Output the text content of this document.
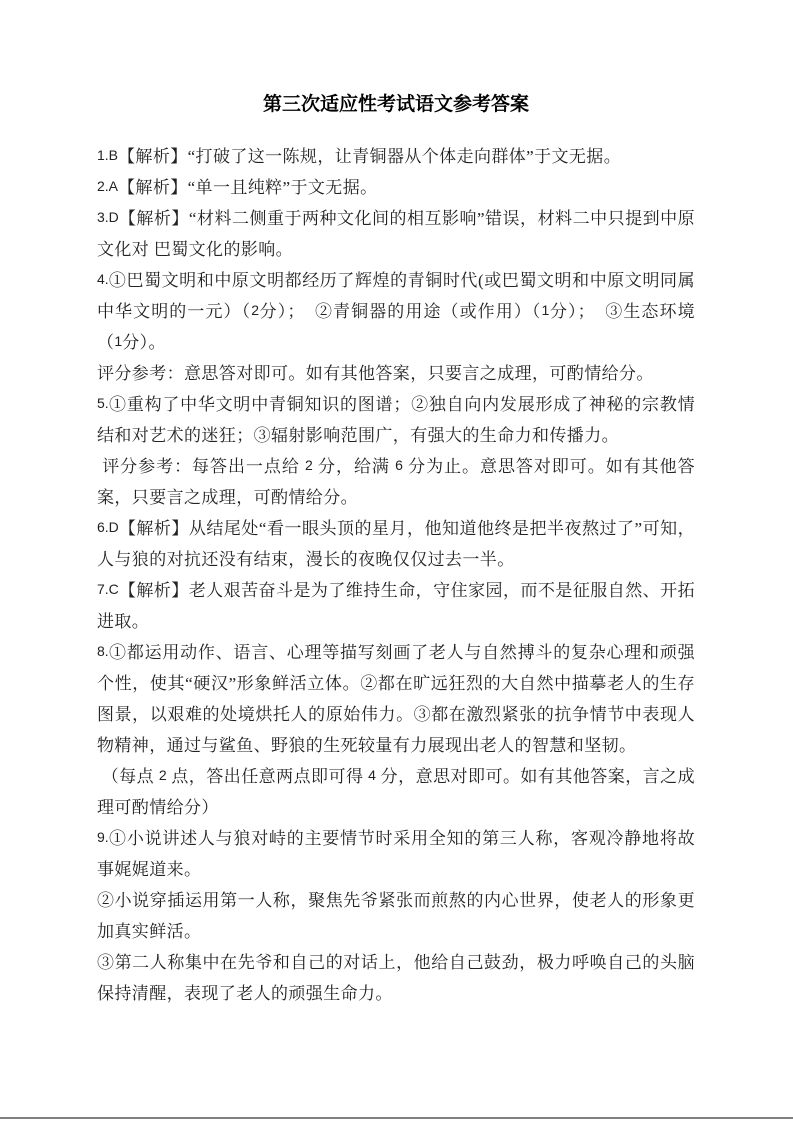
第三次适应性考试语文参考答案

1.B【解析】“打破了这一陈规，让青铜器从个体走向群体”于文无据。

2.A【解析】“单一且纯粹”于文无据。

3.D【解析】“材料二侧重于两种文化间的相互影响”错误，材料二中只提到中原文化对 巴蜀文化的影响。

4.①巴蜀文明和中原文明都经历了辉煌的青铜时代(或巴蜀文明和中原文明同属中华文明的一元）（2分）；　②青铜器的用途（或作用）（1分）；　③生态环境（1分）。

评分参考：意思答对即可。如有其他答案，只要言之成理，可酌情给分。

5.①重构了中华文明中青铜知识的图谱；②独自向内发展形成了神秘的宗教情结和对艺术的迷狂；③辐射影响范围广，有强大的生命力和传播力。

评分参考：每答出一点给 2 分，给满 6 分为止。意思答对即可。如有其他答案，只要言之成理，可酌情给分。

6.D【解析】从结尾处“看一眼头顶的星月，他知道他终是把半夜熬过了”可知，人与狼的对抗还没有结束，漫长的夜晚仅仅过去一半。

7.C【解析】老人艰苦奋斗是为了维持生命，守住家园，而不是征服自然、开拓进取。

8.①都运用动作、语言、心理等描写刻画了老人与自然搏斗的复杂心理和顽强个性，使其“硬汉”形象鲜活立体。②都在旷远狂烈的大自然中描摹老人的生存图景，以艰难的处境烘托人的原始伟力。③都在激烈紧张的抗争情节中表现人物精神，通过与鲨鱼、野狼的生死较量有力展现出老人的智慧和坚韧。

（每点 2 点，答出任意两点即可得 4 分，意思对即可。如有其他答案，言之成理可酌情给分）

9.①小说讲述人与狼对峙的主要情节时采用全知的第三人称，客观冷静地将故事娓娓道来。

②小说穿插运用第一人称，聚焦先爷紧张而煎熬的内心世界，使老人的形象更加真实鲜活。

③第二人称集中在先爷和自己的对话上，他给自己鼓劲，极力呼唤自己的头脑保持清醒，表现了老人的顽强生命力。
